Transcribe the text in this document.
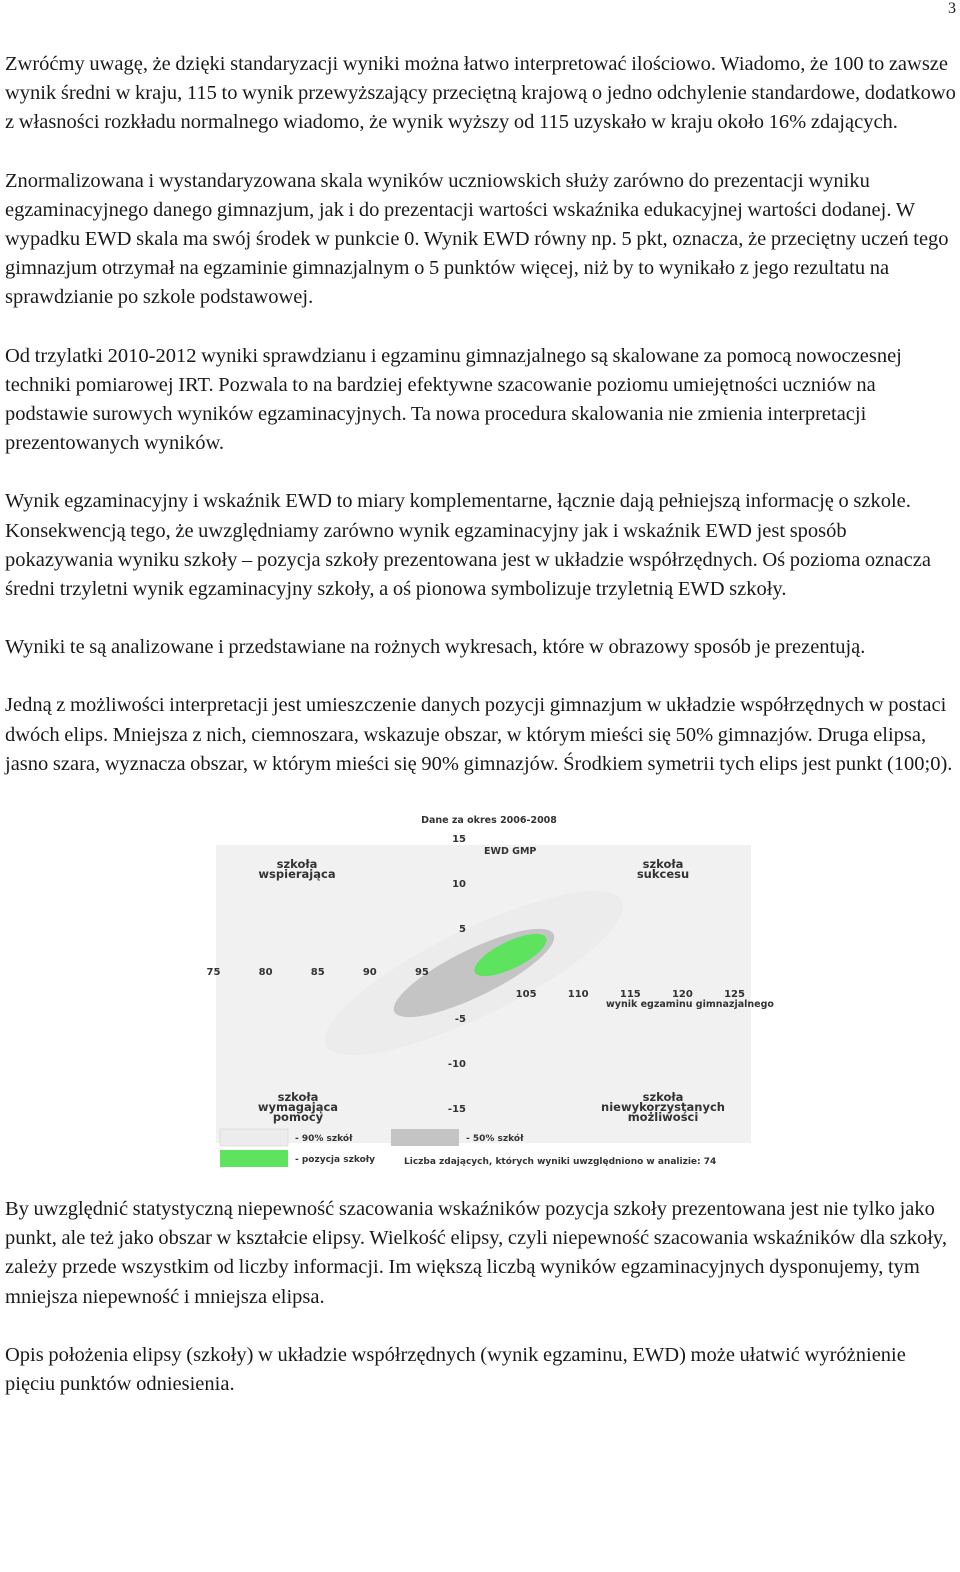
3

Zwróćmy uwagę, że dzięki standaryzacji wyniki można łatwo interpretować ilościowo. Wiadomo, że 100 to zawsze wynik średni w kraju, 115 to wynik przewyższający przeciętną krajową o jedno odchylenie standardowe, dodatkowo z własności rozkładu normalnego wiadomo, że wynik wyższy od 115 uzyskało w kraju około 16% zdających.

Znormalizowana i wystandaryzowana skala wyników uczniowskich służy zarówno do prezentacji wyniku egzaminacyjnego danego gimnazjum, jak i do prezentacji wartości wskaźnika edukacyjnej wartości dodanej. W wypadku EWD skala ma swój środek w punkcie 0. Wynik EWD równy np. 5 pkt, oznacza, że przeciętny uczeń tego gimnazjum otrzymał na egzaminie gimnazjalnym o 5 punktów więcej, niż by to wynikało z jego rezultatu na sprawdzianie po szkole podstawowej.

Od trzylatki 2010-2012 wyniki sprawdzianu i egzaminu gimnazjalnego są skalowane za pomocą nowoczesnej techniki pomiarowej IRT. Pozwala to na bardziej efektywne szacowanie poziomu umiejętności uczniów na podstawie surowych wyników egzaminacyjnych. Ta nowa procedura skalowania nie zmienia interpretacji prezentowanych wyników.

Wynik egzaminacyjny i wskaźnik EWD to miary komplementarne, łącznie dają pełniejszą informację o szkole. Konsekwencją tego, że uwzględniamy zarówno wynik egzaminacyjny jak i wskaźnik EWD jest sposób pokazywania wyniku szkoły – pozycja szkoły prezentowana jest w układzie współrzędnych. Oś pozioma oznacza średni trzyletni wynik egzaminacyjny szkoły, a oś pionowa symbolizuje trzyletnią EWD szkoły.

Wyniki te są analizowane i przedstawiane na rożnych wykresach, które w obrazowy sposób je prezentują.

Jedną z możliwości interpretacji jest umieszczenie danych pozycji gimnazjum w układzie współrzędnych w postaci dwóch elips. Mniejsza z nich, ciemnoszara, wskazuje obszar, w którym mieści się 50% gimnazjów. Druga elipsa, jasno szara, wyznacza obszar, w którym mieści się 90% gimnazjów. Środkiem symetrii tych elips jest punkt (100;0).

Dane za okres 2006-2008
EWD GMP
wynik egzaminu gimnazjalnego
75	80	85	90	95
105	110	115	120	125
15
10
5
-5
-10
-15
szkoła
wspierająca
szkoła
sukcesu
szkoła
wymagająca
pomocy
szkoła
niewykorzystanych
możliwości
- 90% szkół
- pozycja szkoły
- 50% szkół
Liczba zdających, których wyniki uwzględniono w analizie: 74

By uwzględnić statystyczną niepewność szacowania wskaźników pozycja szkoły prezentowana jest nie tylko jako punkt, ale też jako obszar w kształcie elipsy. Wielkość elipsy, czyli niepewność szacowania wskaźników dla szkoły, zależy przede wszystkim od liczby informacji. Im większą liczbą wyników egzaminacyjnych dysponujemy, tym mniejsza niepewność i mniejsza elipsa.

Opis położenia elipsy (szkoły) w układzie współrzędnych (wynik egzaminu, EWD) może ułatwić wyróżnienie pięciu punktów odniesienia.
